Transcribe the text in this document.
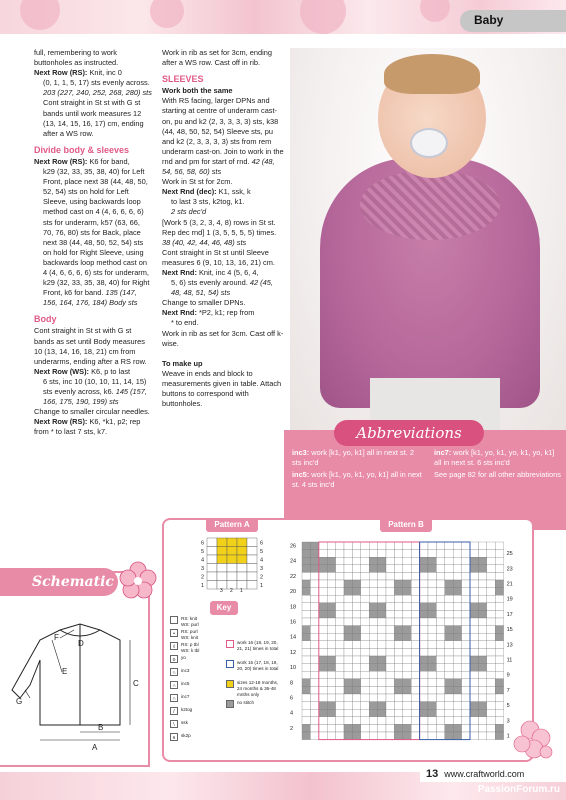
Baby

full, remembering to work buttonholes as instructed.

Next Row (RS): Knit, inc 0

(0, 1, 1, 5, 17) sts evenly across. 203 (227, 240, 252, 268, 280) sts

Cont straight in St st with G st bands until work measures 12 (13, 14, 15, 16, 17) cm, ending after a WS row.

Divide body & sleeves

Next Row (RS): K6 for band,

k29 (32, 33, 35, 38, 40) for Left Front, place next 38 (44, 48, 50, 52, 54) sts on hold for Left Sleeve, using backwards loop method cast on 4 (4, 6, 6, 6, 6) sts for underarm, k57 (63, 66, 70, 76, 80) sts for Back, place next 38 (44, 48, 50, 52, 54) sts on hold for Right Sleeve, using backwards loop method cast on 4 (4, 6, 6, 6, 6) sts for underarm, k29 (32, 33, 35, 38, 40) for Right Front, k6 for band. 135 (147, 156, 164, 176, 184) Body sts

Body

Cont straight in St st with G st bands as set until Body measures 10 (13, 14, 16, 18, 21) cm from underarms, ending after a RS row.

Next Row (WS): K6, p to last

6 sts, inc 10 (10, 10, 11, 14, 15) sts evenly across, k6. 145 (157, 166, 175, 190, 199) sts

Change to smaller circular needles.

Next Row (RS): K6, *k1, p2; rep from * to last 7 sts, k7.

Work in rib as set for 3cm, ending after a WS row. Cast off in rib.

SLEEVES

Work both the same

With RS facing, larger DPNs and starting at centre of underarm cast-on, pu and k2 (2, 3, 3, 3, 3) sts, k38 (44, 48, 50, 52, 54) Sleeve sts, pu and k2 (2, 3, 3, 3, 3) sts from rem underarm cast-on. Join to work in the rnd and pm for start of rnd. 42 (48, 54, 56, 58, 60) sts

Work in St st for 2cm.

Next Rnd (dec): K1, ssk, k

to last 3 sts, k2tog, k1.

2 sts dec'd

[Work 5 (3, 2, 3, 4, 8) rows in St st. Rep dec rnd] 1 (3, 5, 5, 5, 5) times. 38 (40, 42, 44, 46, 48) sts

Cont straight in St st until Sleeve measures 6 (9, 10, 13, 16, 21) cm.

Next Rnd: Knit, inc 4 (5, 6, 4,

5, 6) sts evenly around. 42 (45, 48, 48, 51, 54) sts

Change to smaller DPNs.

Next Rnd: *P2, k1; rep from

* to end.

Work in rib as set for 3cm. Cast off k-wise.

To make up

Weave in ends and block to measurements given in table. Attach buttons to correspond with buttonholes.

Abbreviations

inc3: work [k1, yo, k1] all in next st. 2 sts inc'd

inc5: work [k1, yo, k1, yo, k1] all in next st. 4 sts inc'd

inc7: work [k1, yo, k1, yo, k1, yo, k1] all in next st. 6 sts inc'd

See page 82 for all other abbreviations

Schematic
A
B
C
D
E
F
G
Pattern A	Pattern B
Key
6	6
5	5
4	4
3	3
2	2
1	1
3 2 1
26
24
22
20
18
16
14
12
10
8
6
4
2
25
23
21
19
17
15
13
11
9
7
5
3
1
RS: knit
WS: purl
•	RS: purl
WS: knit
ℓ	RS: p tbl
WS: k tbl
o	yo
∩	inc3
∩	inc5
∩	inc7
/	k2tog
\	ssk
∧	sk2p
work 16 (18, 19, 20,
21, 21) times in total
work 15 (17, 18, 19,
20, 20) times in total
sizes 12-18 months,
24 months & 36-48
mnths only
no stitch
13 www.craftworld.com
PassionForum.ru
